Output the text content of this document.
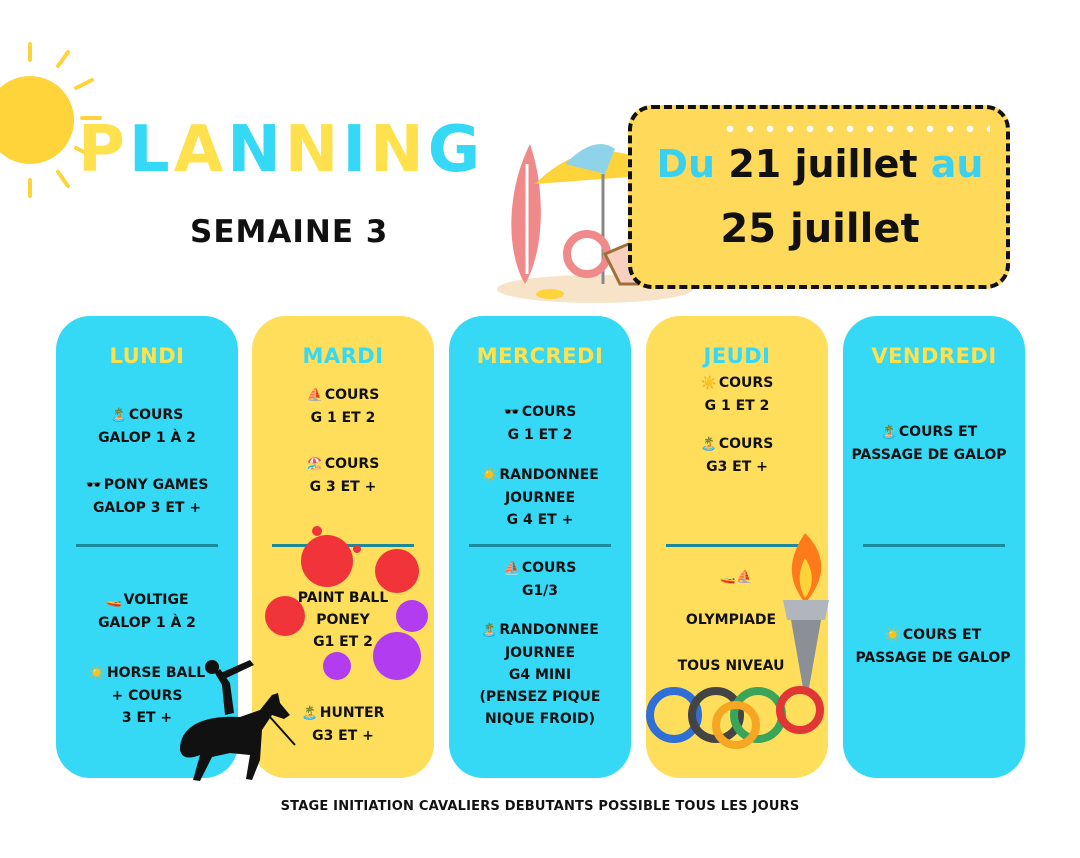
P L A N N I N G
SEMAINE 3
Du 21 juillet au
25 juillet
LUNDI
🏝️ COURS
GALOP 1 À 2
🕶️ PONY GAMES
GALOP 3 ET +
🚤 VOLTIGE
GALOP 1 À 2
☀️ HORSE BALL
+ COURS
3 ET +
MARDI
⛵ COURS
G 1 ET 2
🏖️ COURS
G 3 ET +
PAINT BALL
PONEY
G1 ET 2
🏝️ HUNTER
G3 ET +
MERCREDI
🕶️ COURS
G 1 ET 2
☀️ RANDONNEE
JOURNEE
G 4 ET +
⛵ COURS
G1/3
🏝️ RANDONNEE
JOURNEE
G4 MINI
(PENSEZ PIQUE
NIQUE FROID)
JEUDI
☀️ COURS
G 1 ET 2
🏝️ COURS
G3 ET +
🚤⛵
OLYMPIADE
TOUS NIVEAU
VENDREDI
🏝️ COURS ET
PASSAGE DE GALOP
☀️ COURS ET
PASSAGE DE GALOP
STAGE INITIATION CAVALIERS DEBUTANTS POSSIBLE TOUS LES JOURS
